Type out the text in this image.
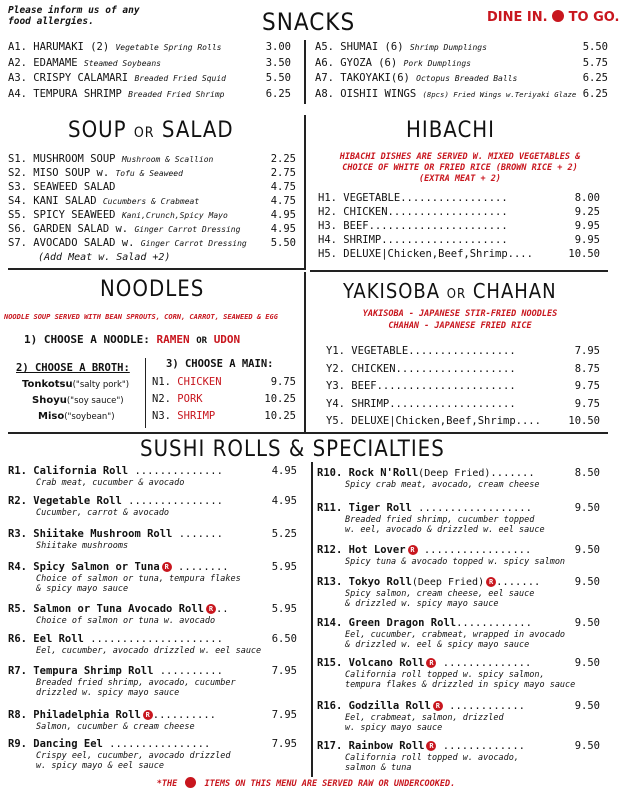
Please inform us of any food allergies.	SNACKS	DINE IN. TO GO.
A1. HARUMAKI (2) Vegetable Spring Rolls	3.00
A2. EDAMAME Steamed Soybeans	3.50
A3. CRISPY CALAMARI Breaded Fried Squid	5.50
A4. TEMPURA SHRIMP Breaded Fried Shrimp	6.25
A5. SHUMAI (6) Shrimp Dumplings	5.50
A6. GYOZA (6) Pork Dumplings	5.75
A7. TAKOYAKI(6) Octopus Breaded Balls	6.25
A8. OISHII WINGS (8pcs) Fried Wings w.Teriyaki Glaze 6.25
SOUP OR SALAD
S1. MUSHROOM SOUP Mushroom & Scallion	2.25
S2. MISO SOUP w. Tofu & Seaweed	2.75
S3. SEAWEED SALAD	4.75
S4. KANI SALAD Cucumbers & Crabmeat	4.75
S5. SPICY SEAWEED Kani,Crunch,Spicy Mayo	4.95
S6. GARDEN SALAD w. Ginger Carrot Dressing	4.95
S7. AVOCADO SALAD w. Ginger Carrot Dressing	5.50
(Add Meat w. Salad +2)
HIBACHI
HIBACHI DISHES ARE SERVED W. MIXED VEGETABLES &
CHOICE OF WHITE OR FRIED RICE (BROWN RICE + 2)
(EXTRA MEAT + 2)
H1. VEGETABLE.................	8.00
H2. CHICKEN...................	9.25
H3. BEEF......................	9.95
H4. SHRIMP....................	9.95
H5. DELUXE|Chicken,Beef,Shrimp....	10.50
NOODLES
NOODLE SOUP SERVED WITH BEAN SPROUTS, CORN, CARROT, SEAWEED & EGG
1) CHOOSE A NOODLE: RAMEN OR UDON
2) CHOOSE A BROTH:
Tonkotsu("salty pork")
Shoyu("soy sauce")
Miso("soybean")
3) CHOOSE A MAIN:
N1. CHICKEN	9.75
N2. PORK	10.25
N3. SHRIMP	10.25
YAKISOBA OR CHAHAN
YAKISOBA - JAPANESE STIR-FRIED NOODLES
CHAHAN - JAPANESE FRIED RICE
Y1. VEGETABLE.................	7.95
Y2. CHICKEN...................	8.75
Y3. BEEF......................	9.75
Y4. SHRIMP....................	9.75
Y5. DELUXE|Chicken,Beef,Shrimp....	10.50
SUSHI ROLLS & SPECIALTIES
R1. California Roll ..............	4.95
Crab meat, cucumber & avocado
R2. Vegetable Roll ...............	4.95
Cucumber, carrot & avocado
R3. Shiitake Mushroom Roll .......	5.25
Shiitake mushrooms
R4. Spicy Salmon or Tuna R ........	5.95
Choice of salmon or tuna, tempura flakes
& spicy mayo sauce
R5. Salmon or Tuna Avocado Roll R ..	5.95
Choice of salmon or tuna w. avocado
R6. Eel Roll .....................	6.50
Eel, cucumber, avocado drizzled w. eel sauce
R7. Tempura Shrimp Roll ..........	7.95
Breaded fried shrimp, avocado, cucumber
drizzled w. spicy mayo sauce
R8. Philadelphia Roll R ..........	7.95
Salmon, cucumber & cream cheese
R9. Dancing Eel ................	7.95
Crispy eel, cucumber, avocado drizzled
w. spicy mayo & eel sauce
R10. Rock N'Roll(Deep Fried).......	8.50
Spicy crab meat, avocado, cream cheese
R11. Tiger Roll ..................	9.50
Breaded fried shrimp, cucumber topped
w. eel, avocado & drizzled w. eel sauce
R12. Hot Lover R .................	9.50
Spicy tuna & avocado topped w. spicy salmon
R13. Tokyo Roll(Deep Fried) R .......	9.50
Spicy salmon, cream cheese, eel sauce
& drizzled w. spicy mayo sauce
R14. Green Dragon Roll............	9.50
Eel, cucumber, crabmeat, wrapped in avocado
& drizzled w. eel & spicy mayo sauce
R15. Volcano Roll R ..............	9.50
California roll topped w. spicy salmon,
tempura flakes & drizzled in spicy mayo sauce
R16. Godzilla Roll R ............	9.50
Eel, crabmeat, salmon, drizzled
w. spicy mayo sauce
R17. Rainbow Roll R .............	9.50
California roll topped w. avocado,
salmon & tuna
*THE	ITEMS ON THIS MENU ARE SERVED RAW OR UNDERCOOKED.
